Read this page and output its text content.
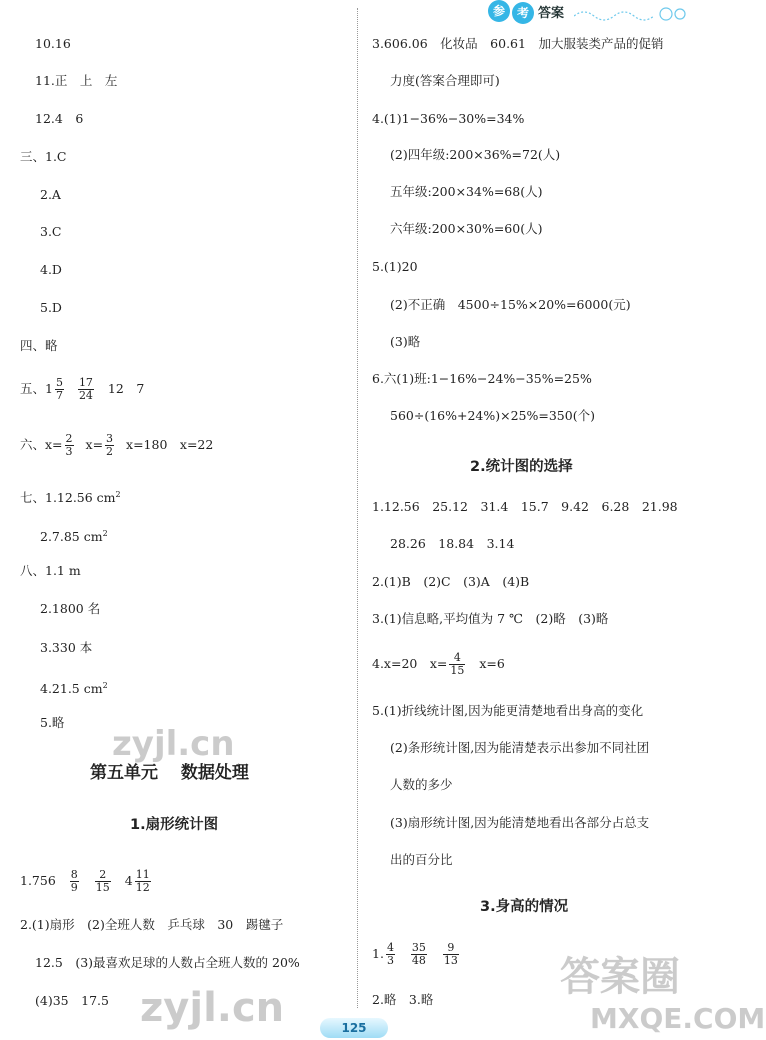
参 考 答案
10.16
11.正　上　左
12.4　6
三、1.C
2.A
3.C
4.D
5.D
四、略
五、$1 \frac{5}{7}$
$\frac{17}{24} 12$　7
六、$x= \frac{2}{3} x= \frac{3}{2} x=180$　x=22
七、1.12.56 $cm^2$
2.7.85 $cm^2$
八、1.1 m
2.1800 名
3.330 本
4.21.5 $cm^2$
5.略
第五单元　 数据处理
1.扇形统计图
$1.756 \frac{8}{9}$
$\frac{2}{15} 4 \frac{11}{12}$
2.(1)扇形　(2)全班人数　乒乓球　30　踢毽子
12.5　(3)最喜欢足球的人数占全班人数的 20%
(4)35　17.5
3.606.06　化妆品　60.61　加大服装类产品的促销
力度(答案合理即可)
4.(1)1−36%−30%=34%
(2)四年级:200×36%=72(人)
五年级:200×34%=68(人)
六年级:200×30%=60(人)
5.(1)20
(2)不正确　4500÷15%×20%=6000(元)
(3)略
6.六(1)班:1−16%−24%−35%=25%
560÷(16%+24%)×25%=350(个)
2.统计图的选择
1.12.56　25.12　31.4　15.7　9.42　6.28　21.98
28.26　18.84　3.14
2.(1)B　(2)C　(3)A　(4)B
3.(1)信息略,平均值为 7 ℃　(2)略　(3)略
4.x=20　$x= \frac{4}{15} x=6$
5.(1)折线统计图,因为能更清楚地看出身高的变化
(2)条形统计图,因为能清楚表示出参加不同社团
人数的多少
(3)扇形统计图,因为能清楚地看出各部分占总支
出的百分比
3.身高的情况
1. $\frac{4}{3}$
$\frac{35}{48}$
$\frac{9}{13}$
2.略　3.略
zyjl.cn
zyjl.cn
答案圈
MXQE.COM
125
